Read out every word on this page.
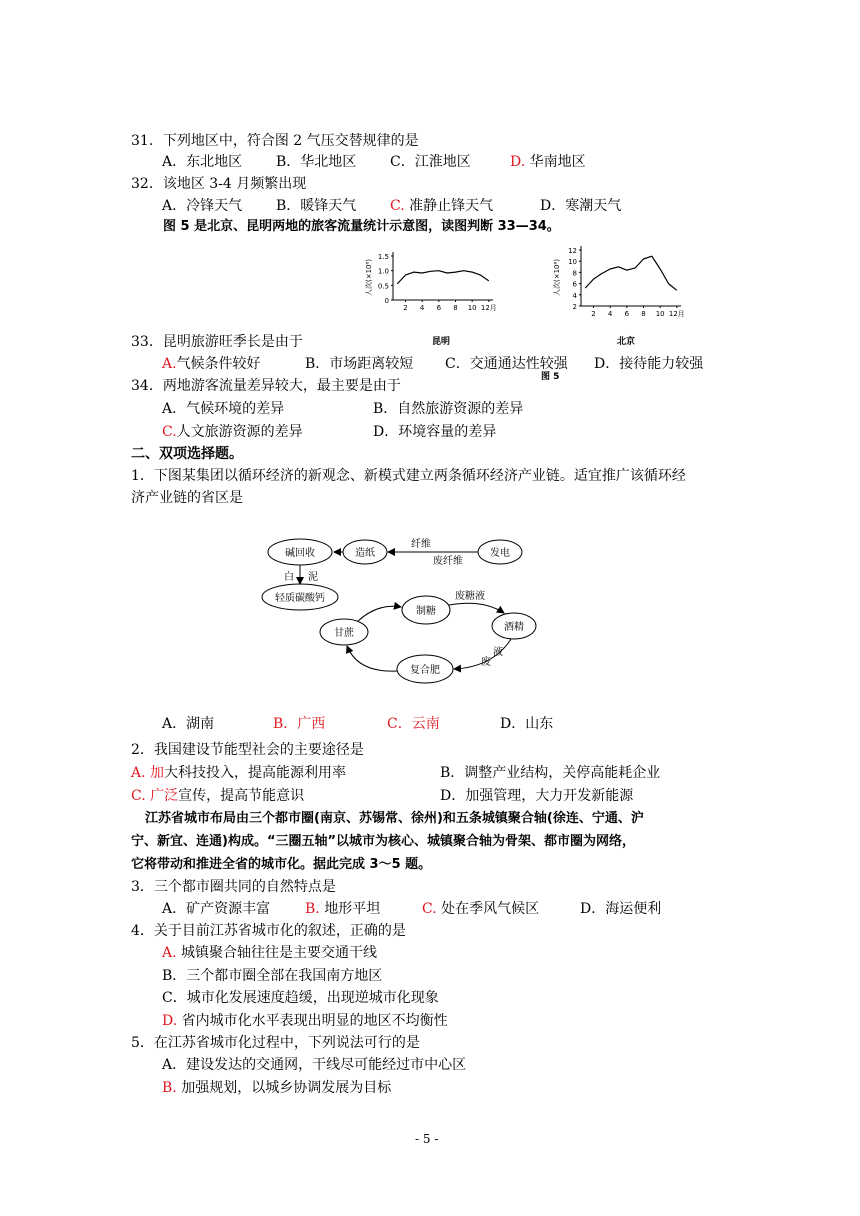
31．下列地区中，符合图 2 气压交替规律的是
A．东北地区 B．华北地区 C．江淮地区	D. 华南地区
32．该地区 3-4 月频繁出现
A．冷锋天气 B．暖锋天气 C. 准静止锋天气	D．寒潮天气
图 5 是北京、昆明两地的旅客流量统计示意图，读图判断 33—34。
0
0.5
1.0
1.5
2 4 6 8 10 12月
人次(×10⁶)
昆明
2
4
6
8
10
12
2 4 6 8 10 12月
人次(×10⁶)
北京
33．昆明旅游旺季长是由于
A.气候条件较好	B．市场距离较短 C．交通通达性较强 D．接待能力较强
图 5
34．两地游客流量差异较大，最主要是由于
A．气候环境的差异	B．自然旅游资源的差异
C.人文旅游资源的差异	D．环境容量的差异
二、双项选择题。
1．下图某集团以循环经济的新观念、新模式建立两条循环经济产业链。适宜推广该循环经
济产业链的省区是
碱回收	造纸	发电
纤维
废纤维
白 泥
轻质碳酸钙
甘蔗
制糖
酒精
复合肥
废糖液
废
液
A．湖南	B．广西	C．云南	D．山东
2．我国建设节能型社会的主要途径是
A. 加大科技投入，提高能源利用率	B．调整产业结构，关停高能耗企业
C. 广泛宣传，提高节能意识	D．加强管理，大力开发新能源
江苏省城市布局由三个都市圈(南京、苏锡常、徐州)和五条城镇聚合轴(徐连、宁通、沪
宁、新宜、连通)构成。“三圈五轴”以城市为核心、城镇聚合轴为骨架、都市圈为网络，
它将带动和推进全省的城市化。据此完成 3～5 题。
3．三个都市圈共同的自然特点是
A．矿产资源丰富 B. 地形平坦	C. 处在季风气候区	D．海运便利
4．关于目前江苏省城市化的叙述，正确的是
A. 城镇聚合轴往往是主要交通干线
B．三个都市圈全部在我国南方地区
C．城市化发展速度趋缓，出现逆城市化现象
D. 省内城市化水平表现出明显的地区不均衡性
5．在江苏省城市化过程中，下列说法可行的是
A．建设发达的交通网，干线尽可能经过市中心区
B. 加强规划，以城乡协调发展为目标
- 5 -
